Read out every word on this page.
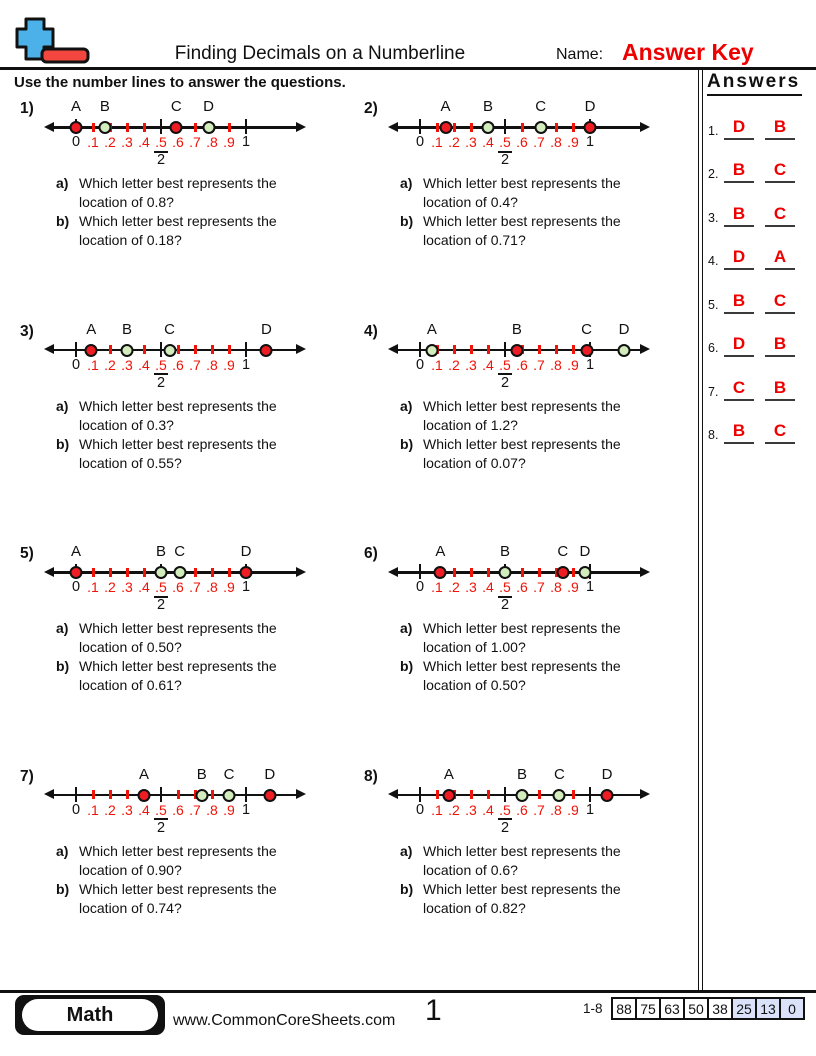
Finding Decimals on a Numberline	Name: Answer Key
Use the number lines to answer the questions.
1)
0 .1 .2 .3 .4 .5
2
.6 .7 .8 .9 1
A B	C D
a) Which letter best represents the
location of 0.8?
b) Which letter best represents the
location of 0.18?
2)
0 .1 .2 .3 .4 .5
2
.6 .7 .8 .9 1
A B	C	D
a) Which letter best represents the
location of 0.4?
b) Which letter best represents the
location of 0.71?
3)
0 .1 .2 .3 .4 .5
2
.6 .7 .8 .9 1
A B C	D
a) Which letter best represents the
location of 0.3?
b) Which letter best represents the
location of 0.55?
4)
0 .1 .2 .3 .4 .5
2
.6 .7 .8 .9 1
A	B	C D
a) Which letter best represents the
location of 1.2?
b) Which letter best represents the
location of 0.07?
5)
0 .1 .2 .3 .4 .5
2
.6 .7 .8 .9 1
A	B C	D
a) Which letter best represents the
location of 0.50?
b) Which letter best represents the
location of 0.61?
6)
0 .1 .2 .3 .4 .5
2
.6 .7 .8 .9 1
A	B	C D
a) Which letter best represents the
location of 1.00?
b) Which letter best represents the
location of 0.50?
7)
0 .1 .2 .3 .4 .5
2
.6 .7 .8 .9 1
A	B C D
a) Which letter best represents the
location of 0.90?
b) Which letter best represents the
location of 0.74?
8)
0 .1 .2 .3 .4 .5
2
.6 .7 .8 .9 1
A	B C D
a) Which letter best represents the
location of 0.6?
b) Which letter best represents the
location of 0.82?
Answers
1. D	B
2. B	C
3. B	C
4. D	A
5. B	C
6. D	B
7. C	B
8. B	C
Math	www.CommonCoreSheets.com 1	1-8 88 75 63 50 38 25 13 0
